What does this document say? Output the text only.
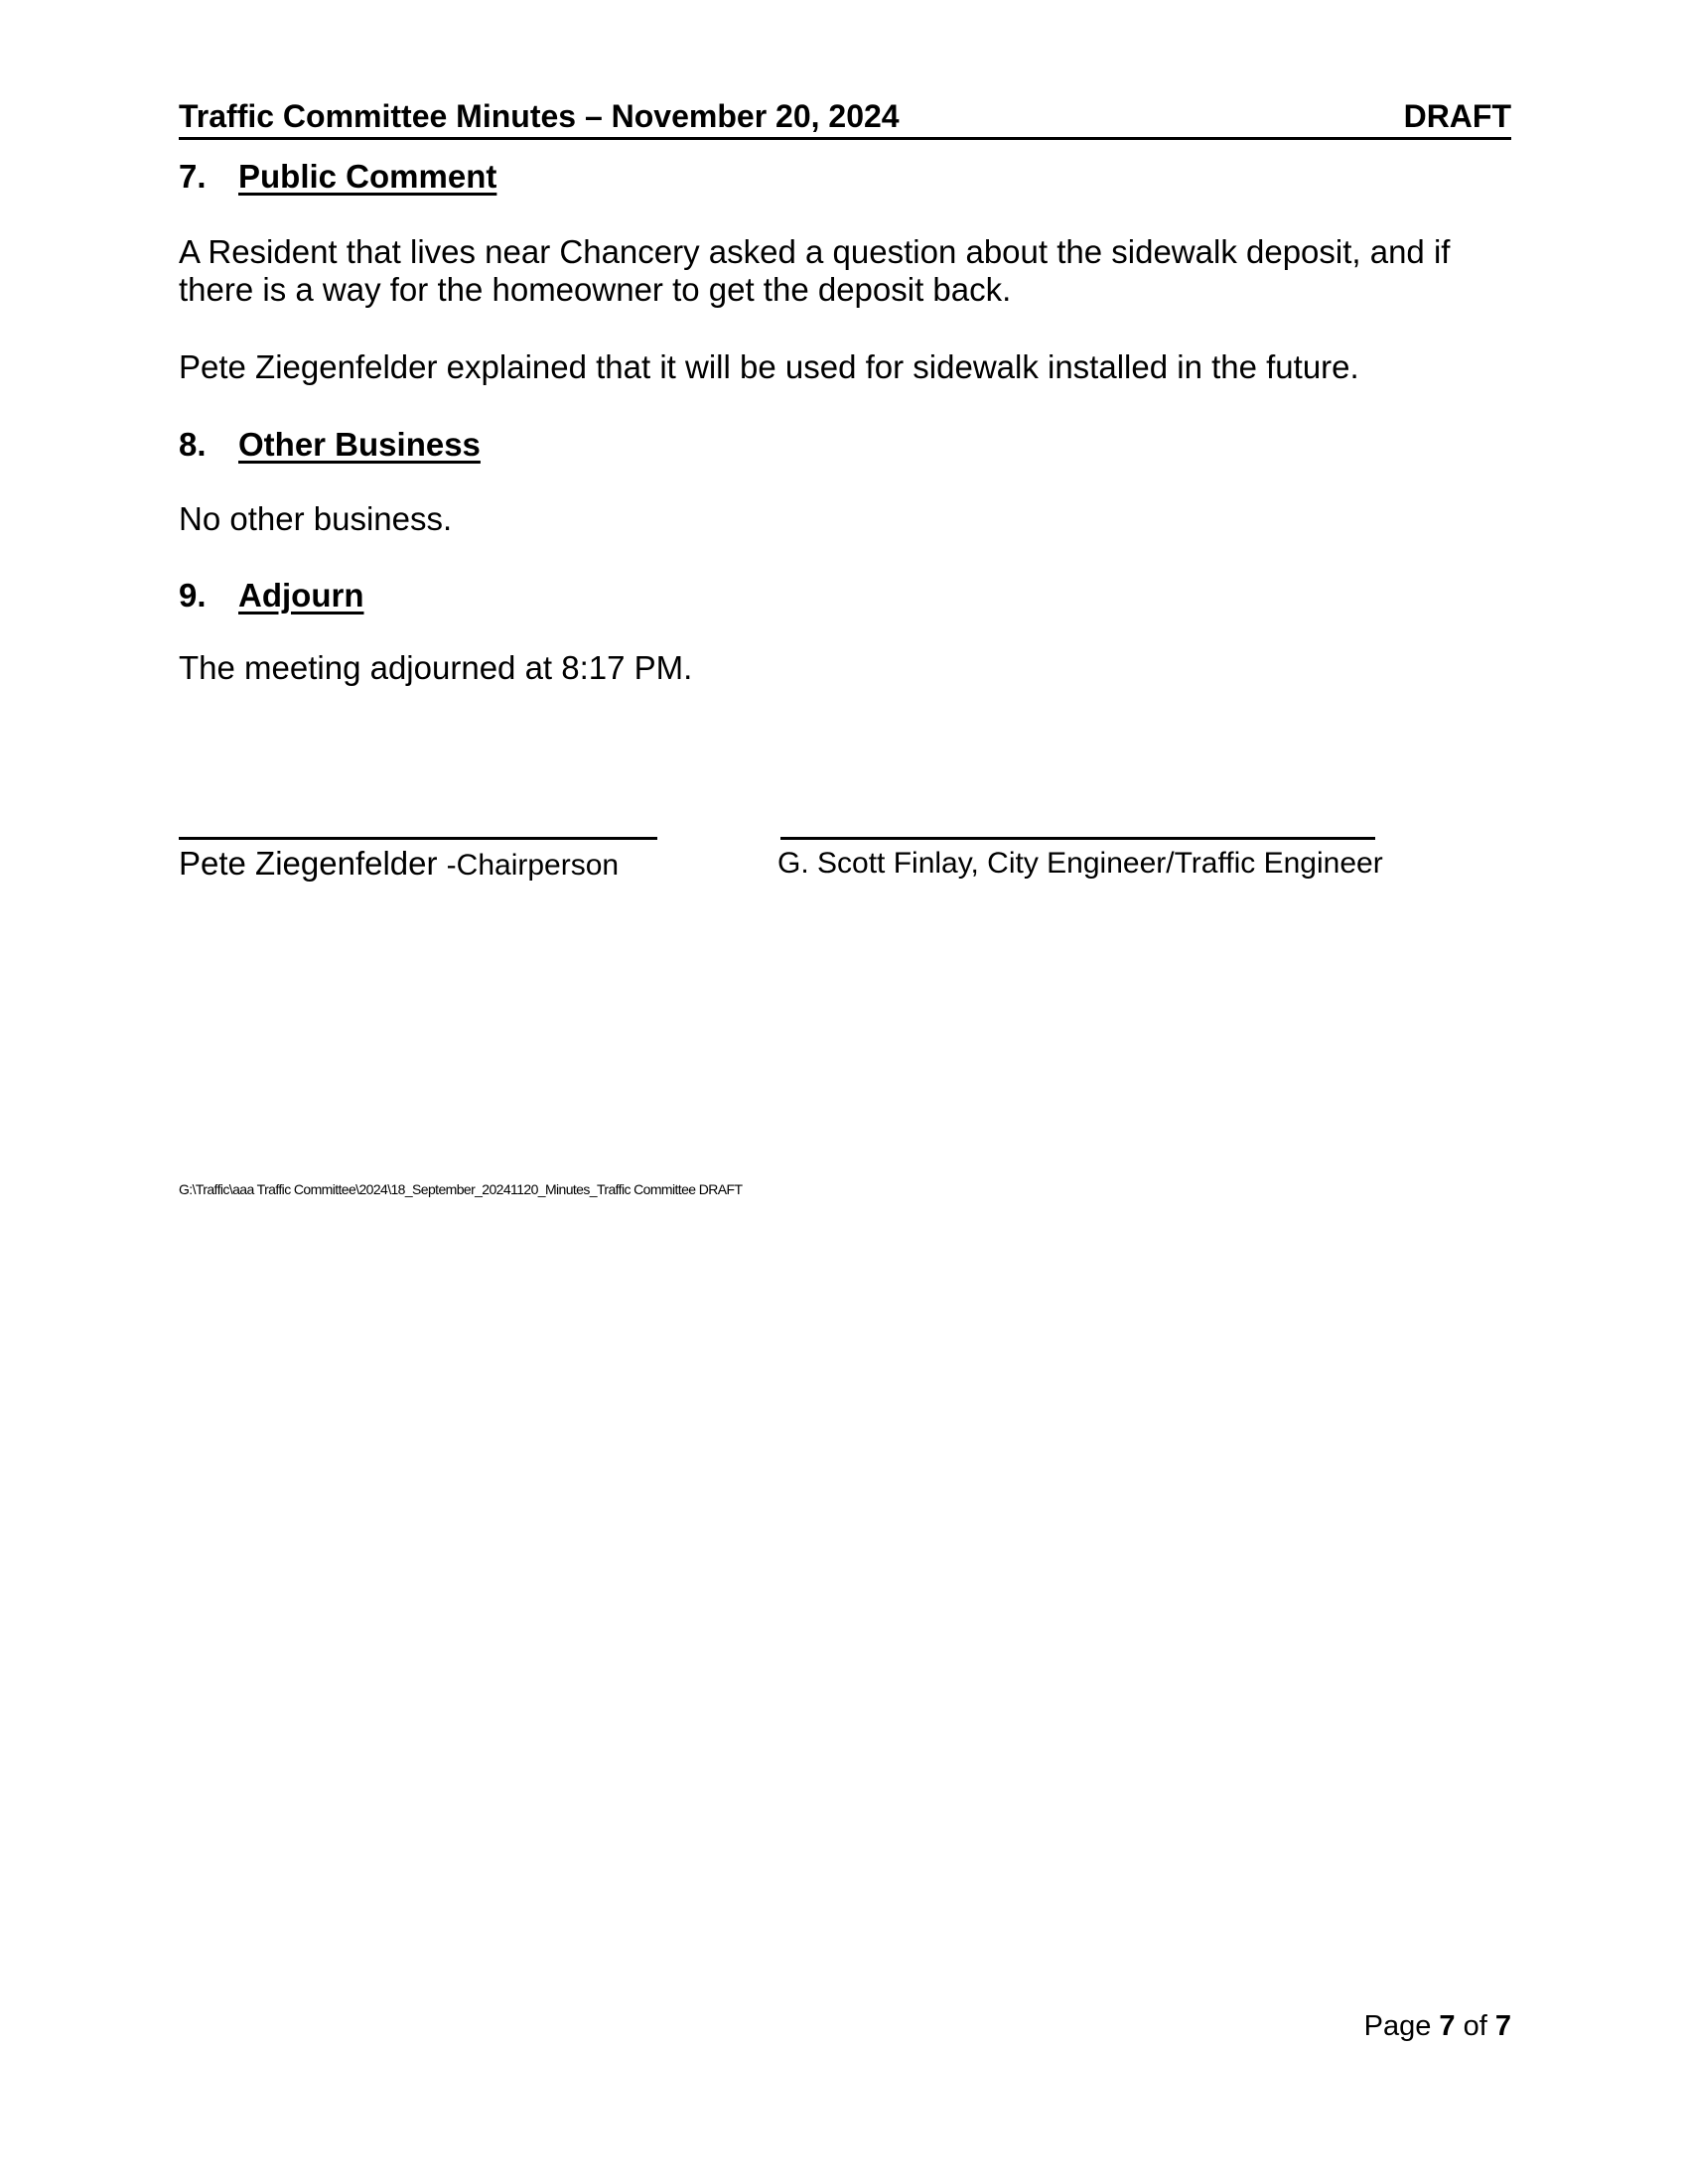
Traffic Committee Minutes – November 20, 2024	DRAFT
7. Public Comment
A Resident that lives near Chancery asked a question about the sidewalk deposit, and if there is a way for the homeowner to get the deposit back.
Pete Ziegenfelder explained that it will be used for sidewalk installed in the future.
8. Other Business
No other business.
9. Adjourn
The meeting adjourned at 8:17 PM.
Pete Ziegenfelder -Chairperson	G. Scott Finlay, City Engineer/Traffic Engineer
G:\Traffic\aaa Traffic Committee\2024\18_September_20241120_Minutes_Traffic Committee DRAFT
Page 7 of 7
